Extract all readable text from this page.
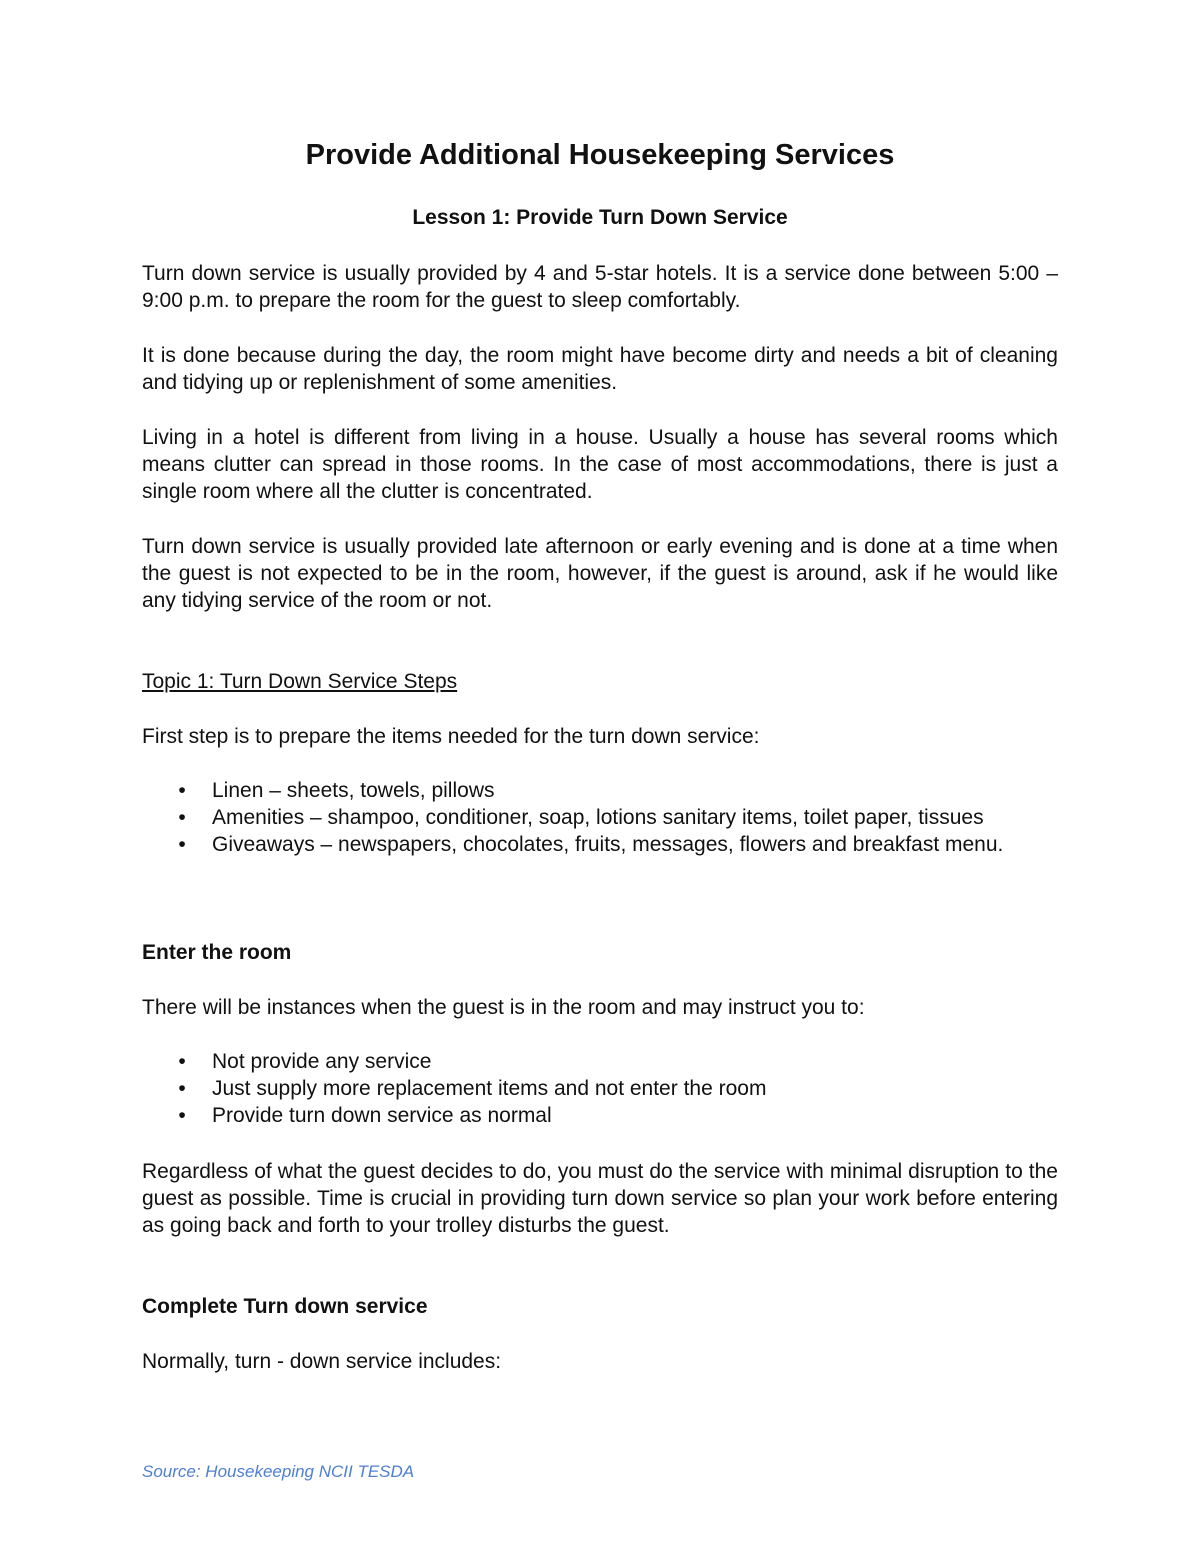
Provide Additional Housekeeping Services
Lesson 1: Provide Turn Down Service

Turn down service is usually provided by 4 and 5-star hotels. It is a service done between 5:00 – 9:00 p.m. to prepare the room for the guest to sleep comfortably.

It is done because during the day, the room might have become dirty and needs a bit of cleaning and tidying up or replenishment of some amenities.

Living in a hotel is different from living in a house. Usually a house has several rooms which means clutter can spread in those rooms. In the case of most accommodations, there is just a single room where all the clutter is concentrated.

Turn down service is usually provided late afternoon or early evening and is done at a time when the guest is not expected to be in the room, however, if the guest is around, ask if he would like any tidying service of the room or not.

Topic 1: Turn Down Service Steps

First step is to prepare the items needed for the turn down service:

• Linen – sheets, towels, pillows
• Amenities – shampoo, conditioner, soap, lotions sanitary items, toilet paper, tissues
• Giveaways – newspapers, chocolates, fruits, messages, flowers and breakfast menu.
Enter the room

There will be instances when the guest is in the room and may instruct you to:

• Not provide any service
• Just supply more replacement items and not enter the room
• Provide turn down service as normal

Regardless of what the guest decides to do, you must do the service with minimal disruption to the guest as possible. Time is crucial in providing turn down service so plan your work before entering as going back and forth to your trolley disturbs the guest.

Complete Turn down service

Normally, turn - down service includes:

Source: Housekeeping NCII TESDA
